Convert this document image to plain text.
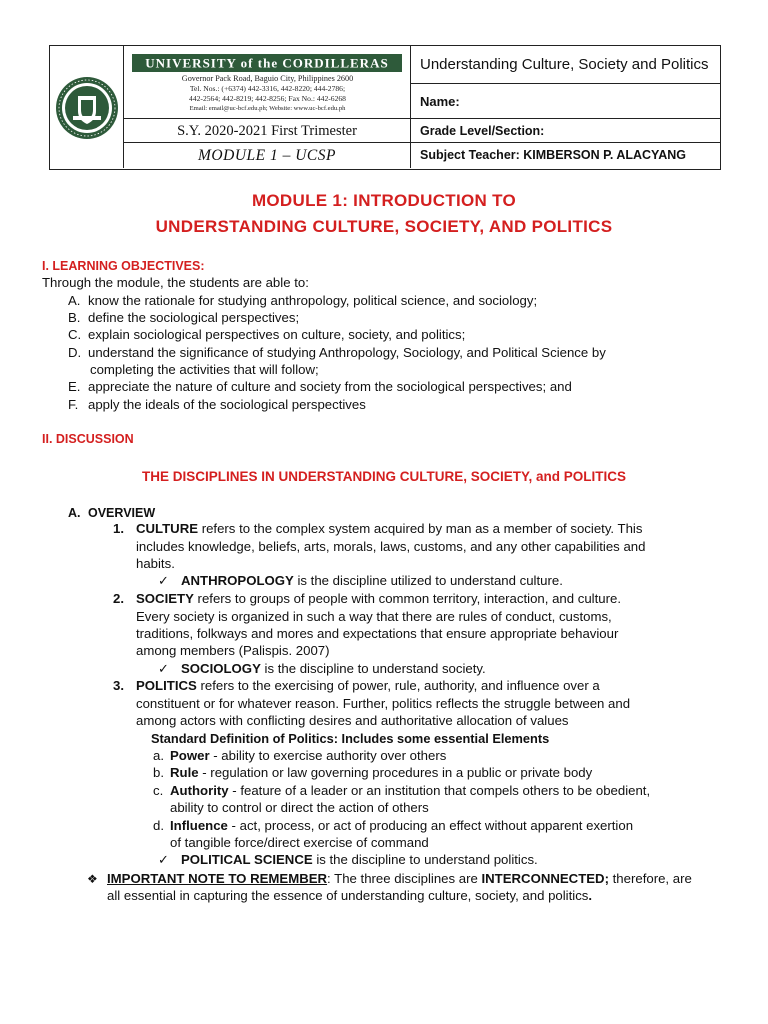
UNIVERSITY of the CORDILLERAS
Governor Pack Road, Baguio City, Philippines 2600
Tel. Nos.: (+6374) 442-3316, 442-8220; 444-2786;
442-2564; 442-8219; 442-8256; Fax No.: 442-6268
Email: email@uc-bcf.edu.ph; Website: www.uc-bcf.edu.ph
S.Y. 2020-2021 First Trimester
MODULE 1 – UCSP
Understanding Culture, Society and Politics
Name:
Grade Level/Section:
Subject Teacher: KIMBERSON P. ALACYANG
MODULE 1: INTRODUCTION TO
UNDERSTANDING CULTURE, SOCIETY, AND POLITICS
I. LEARNING OBJECTIVES:
Through the module, the students are able to:
A. know the rationale for studying anthropology, political science, and sociology;
B. define the sociological perspectives;
C. explain sociological perspectives on culture, society, and politics;
D. understand the significance of studying Anthropology, Sociology, and Political Science by
completing the activities that will follow;
E. appreciate the nature of culture and society from the sociological perspectives; and
F. apply the ideals of the sociological perspectives
II. DISCUSSION
THE DISCIPLINES IN UNDERSTANDING CULTURE, SOCIETY, and POLITICS
A. OVERVIEW
1. CULTURE refers to the complex system acquired by man as a member of society. This
includes knowledge, beliefs, arts, morals, laws, customs, and any other capabilities and
habits.
✓ ANTHROPOLOGY is the discipline utilized to understand culture.
2. SOCIETY refers to groups of people with common territory, interaction, and culture.
Every society is organized in such a way that there are rules of conduct, customs,
traditions, folkways and mores and expectations that ensure appropriate behaviour
among members (Palispis. 2007)
✓ SOCIOLOGY is the discipline to understand society.
3. POLITICS refers to the exercising of power, rule, authority, and influence over a
constituent or for whatever reason. Further, politics reflects the struggle between and
among actors with conflicting desires and authoritative allocation of values
Standard Definition of Politics: Includes some essential Elements
a. Power - ability to exercise authority over others
b. Rule - regulation or law governing procedures in a public or private body
c. Authority - feature of a leader or an institution that compels others to be obedient,
ability to control or direct the action of others
d. Influence - act, process, or act of producing an effect without apparent exertion
of tangible force/direct exercise of command
✓ POLITICAL SCIENCE is the discipline to understand politics.
❖ IMPORTANT NOTE TO REMEMBER: The three disciplines are INTERCONNECTED; therefore, are
all essential in capturing the essence of understanding culture, society, and politics.
